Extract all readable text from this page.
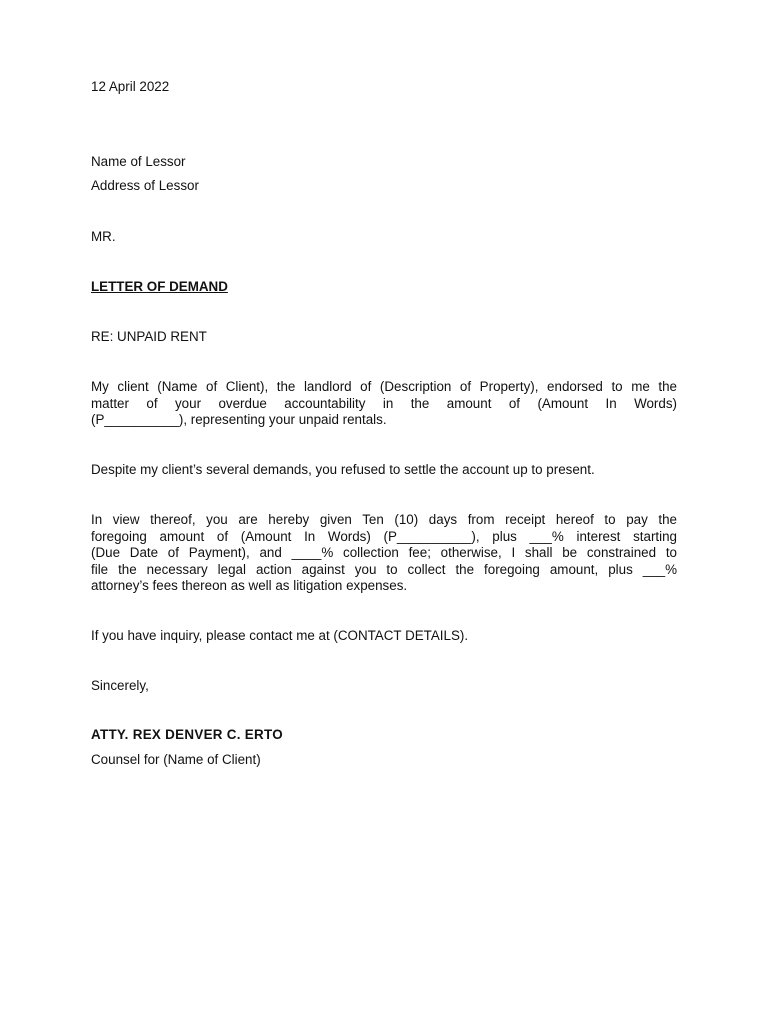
12 April 2022
Name of Lessor
Address of Lessor
MR.
LETTER OF DEMAND
RE: UNPAID RENT
My client (Name of Client), the landlord of (Description of Property), endorsed to me the
matter of your overdue accountability in the amount of (Amount In Words)
(P__________), representing your unpaid rentals.
Despite my client’s several demands, you refused to settle the account up to present.
In view thereof, you are hereby given Ten (10) days from receipt hereof to pay the
foregoing amount of (Amount In Words) (P__________), plus ___% interest starting
(Due Date of Payment), and ____% collection fee; otherwise, I shall be constrained to
file the necessary legal action against you to collect the foregoing amount, plus ___%
attorney’s fees thereon as well as litigation expenses.
If you have inquiry, please contact me at (CONTACT DETAILS).
Sincerely,
ATTY. REX DENVER C. ERTO
Counsel for (Name of Client)
